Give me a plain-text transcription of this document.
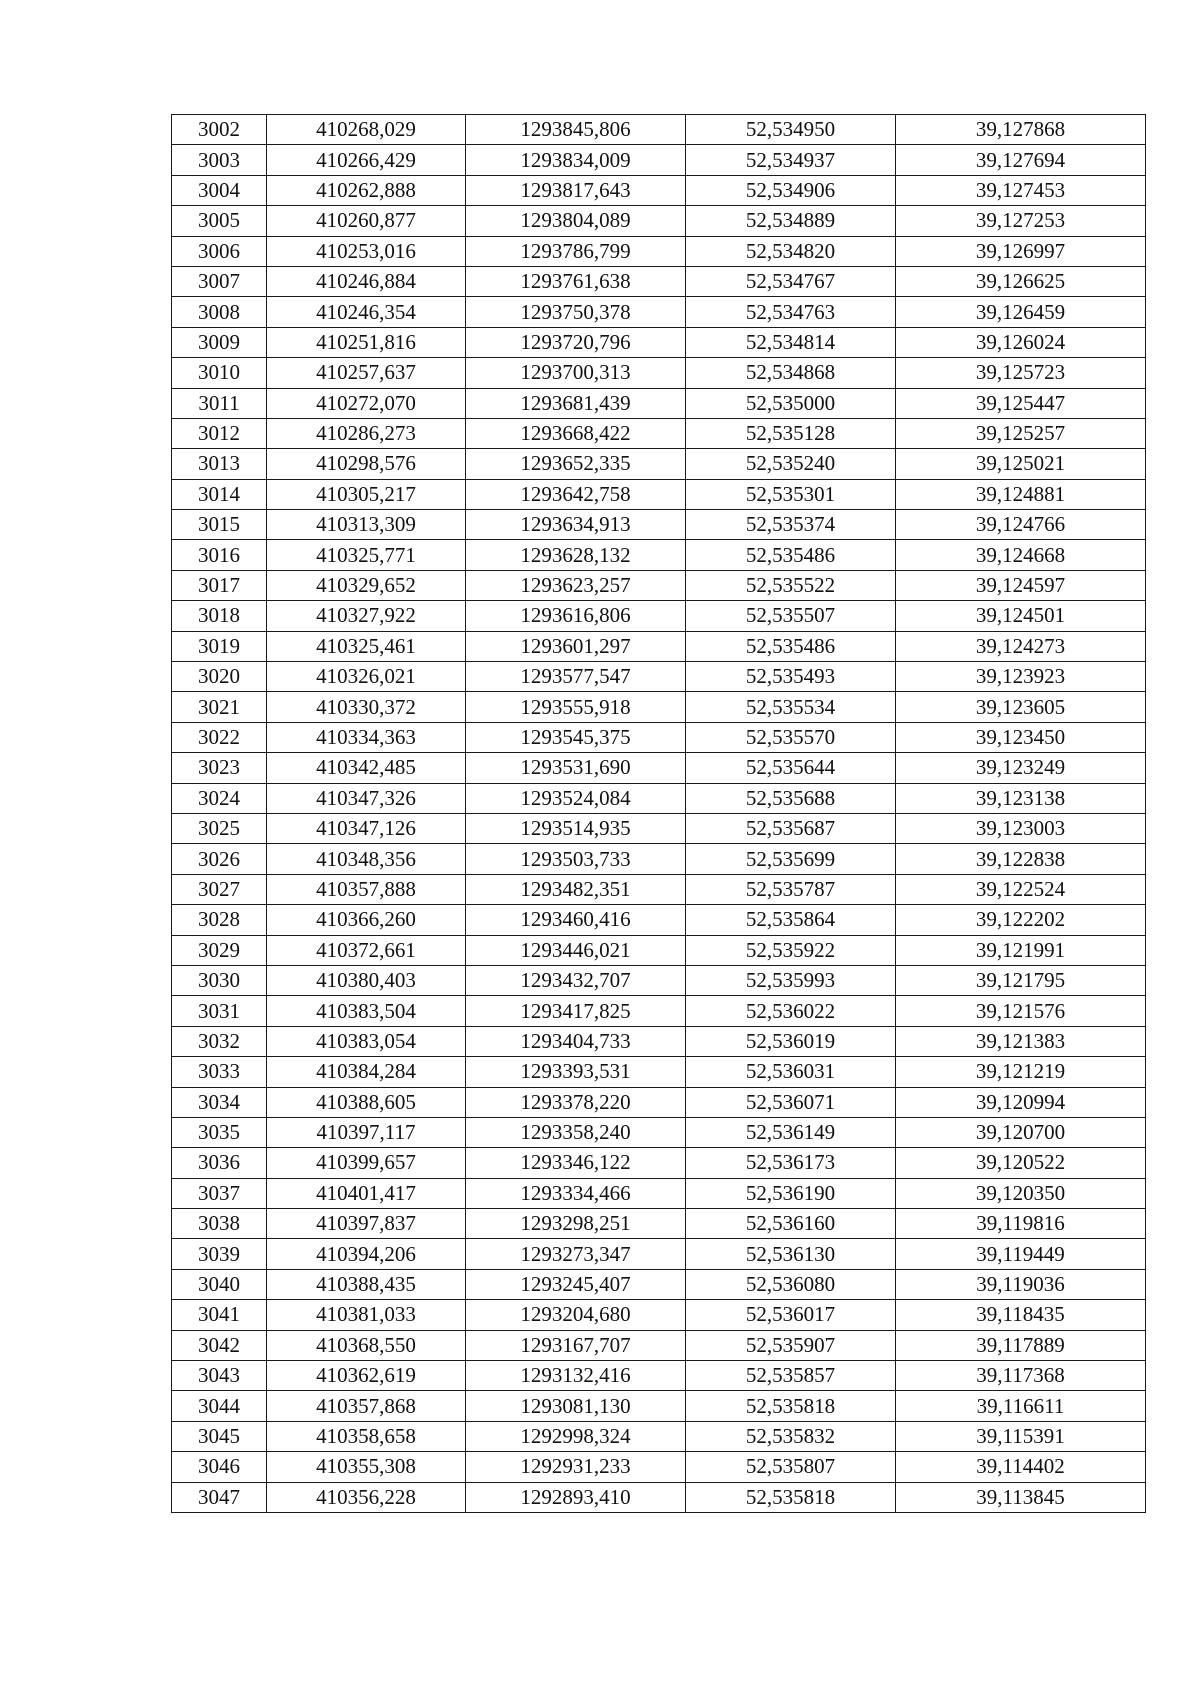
3002	410268,029	1293845,806	52,534950	39,127868
3003	410266,429	1293834,009	52,534937	39,127694
3004	410262,888	1293817,643	52,534906	39,127453
3005	410260,877	1293804,089	52,534889	39,127253
3006	410253,016	1293786,799	52,534820	39,126997
3007	410246,884	1293761,638	52,534767	39,126625
3008	410246,354	1293750,378	52,534763	39,126459
3009	410251,816	1293720,796	52,534814	39,126024
3010	410257,637	1293700,313	52,534868	39,125723
3011	410272,070	1293681,439	52,535000	39,125447
3012	410286,273	1293668,422	52,535128	39,125257
3013	410298,576	1293652,335	52,535240	39,125021
3014	410305,217	1293642,758	52,535301	39,124881
3015	410313,309	1293634,913	52,535374	39,124766
3016	410325,771	1293628,132	52,535486	39,124668
3017	410329,652	1293623,257	52,535522	39,124597
3018	410327,922	1293616,806	52,535507	39,124501
3019	410325,461	1293601,297	52,535486	39,124273
3020	410326,021	1293577,547	52,535493	39,123923
3021	410330,372	1293555,918	52,535534	39,123605
3022	410334,363	1293545,375	52,535570	39,123450
3023	410342,485	1293531,690	52,535644	39,123249
3024	410347,326	1293524,084	52,535688	39,123138
3025	410347,126	1293514,935	52,535687	39,123003
3026	410348,356	1293503,733	52,535699	39,122838
3027	410357,888	1293482,351	52,535787	39,122524
3028	410366,260	1293460,416	52,535864	39,122202
3029	410372,661	1293446,021	52,535922	39,121991
3030	410380,403	1293432,707	52,535993	39,121795
3031	410383,504	1293417,825	52,536022	39,121576
3032	410383,054	1293404,733	52,536019	39,121383
3033	410384,284	1293393,531	52,536031	39,121219
3034	410388,605	1293378,220	52,536071	39,120994
3035	410397,117	1293358,240	52,536149	39,120700
3036	410399,657	1293346,122	52,536173	39,120522
3037	410401,417	1293334,466	52,536190	39,120350
3038	410397,837	1293298,251	52,536160	39,119816
3039	410394,206	1293273,347	52,536130	39,119449
3040	410388,435	1293245,407	52,536080	39,119036
3041	410381,033	1293204,680	52,536017	39,118435
3042	410368,550	1293167,707	52,535907	39,117889
3043	410362,619	1293132,416	52,535857	39,117368
3044	410357,868	1293081,130	52,535818	39,116611
3045	410358,658	1292998,324	52,535832	39,115391
3046	410355,308	1292931,233	52,535807	39,114402
3047	410356,228	1292893,410	52,535818	39,113845
